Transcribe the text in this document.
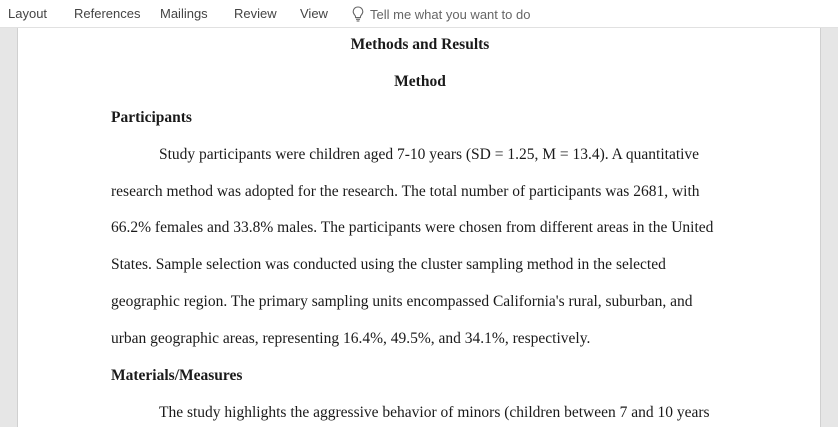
Layout References Mailings Review View	Tell me what you want to do
Methods and Results
Method
Participants
Study participants were children aged 7-10 years (SD = 1.25, M = 13.4). A quantitative
research method was adopted for the research. The total number of participants was 2681, with
66.2% females and 33.8% males. The participants were chosen from different areas in the United
States. Sample selection was conducted using the cluster sampling method in the selected
geographic region. The primary sampling units encompassed California's rural, suburban, and
urban geographic areas, representing 16.4%, 49.5%, and 34.1%, respectively.
Materials/Measures
The study highlights the aggressive behavior of minors (children between 7 and 10 years
